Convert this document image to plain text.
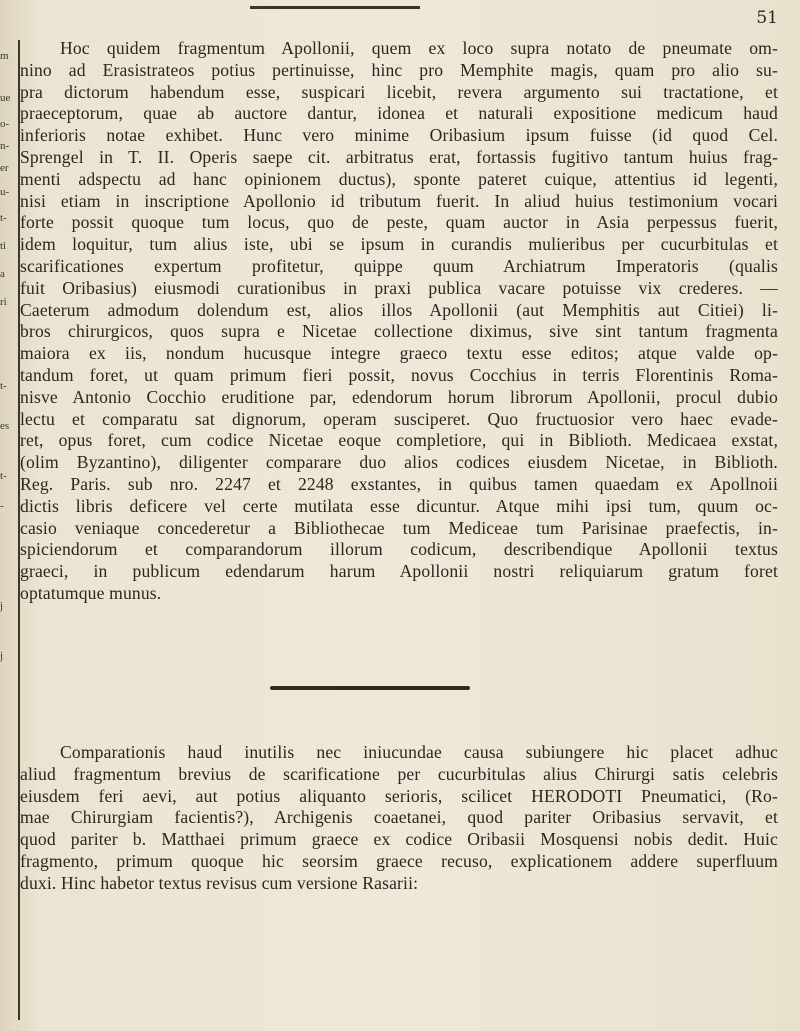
51
m
ue
o-
n-
er
u-
t-
ti
a
ri
t-
es
t-
-
j
j
Hoc quidem fragmentum Apollonii, quem ex loco supra notato de pneumate om-
nino ad Erasistrateos potius pertinuisse, hinc pro Memphite magis, quam pro alio su-
pra dictorum habendum esse, suspicari licebit, revera argumento sui tractatione, et
praeceptorum, quae ab auctore dantur, idonea et naturali expositione medicum haud
inferioris notae exhibet. Hunc vero minime Oribasium ipsum fuisse (id quod Cel.
Sprengel in T. II. Operis saepe cit. arbitratus erat, fortassis fugitivo tantum huius frag-
menti adspectu ad hanc opinionem ductus), sponte pateret cuique, attentius id legenti,
nisi etiam in inscriptione Apollonio id tributum fuerit. In aliud huius testimonium vocari
forte possit quoque tum locus, quo de peste, quam auctor in Asia perpessus fuerit,
idem loquitur, tum alius iste, ubi se ipsum in curandis mulieribus per cucurbitulas et
scarificationes expertum profitetur, quippe quum Archiatrum Imperatoris (qualis
fuit Oribasius) eiusmodi curationibus in praxi publica vacare potuisse vix crederes. —
Caeterum admodum dolendum est, alios illos Apollonii (aut Memphitis aut Citiei) li-
bros chirurgicos, quos supra e Nicetae collectione diximus, sive sint tantum fragmenta
maiora ex iis, nondum hucusque integre graeco textu esse editos; atque valde op-
tandum foret, ut quam primum fieri possit, novus Cocchius in terris Florentinis Roma-
nisve Antonio Cocchio eruditione par, edendorum horum librorum Apollonii, procul dubio
lectu et comparatu sat dignorum, operam susciperet. Quo fructuosior vero haec evade-
ret, opus foret, cum codice Nicetae eoque completiore, qui in Biblioth. Medicaea exstat,
(olim Byzantino), diligenter comparare duo alios codices eiusdem Nicetae, in Biblioth.
Reg. Paris. sub nro. 2247 et 2248 exstantes, in quibus tamen quaedam ex Apollnoii
dictis libris deficere vel certe mutilata esse dicuntur. Atque mihi ipsi tum, quum oc-
casio veniaque concederetur a Bibliothecae tum Mediceae tum Parisinae praefectis, in-
spiciendorum et comparandorum illorum codicum, describendique Apollonii textus
graeci, in publicum edendarum harum Apollonii nostri reliquiarum gratum foret
optatumque munus.
Comparationis haud inutilis nec iniucundae causa subiungere hic placet adhuc
aliud fragmentum brevius de scarificatione per cucurbitulas alius Chirurgi satis celebris
eiusdem feri aevi, aut potius aliquanto serioris, scilicet HERODOTI Pneumatici, (Ro-
mae Chirurgiam facientis?), Archigenis coaetanei, quod pariter Oribasius servavit, et
quod pariter b. Matthaei primum graece ex codice Oribasii Mosquensi nobis dedit. Huic
fragmento, primum quoque hic seorsim graece recuso, explicationem addere superfluum
duxi. Hinc habetor textus revisus cum versione Rasarii:
